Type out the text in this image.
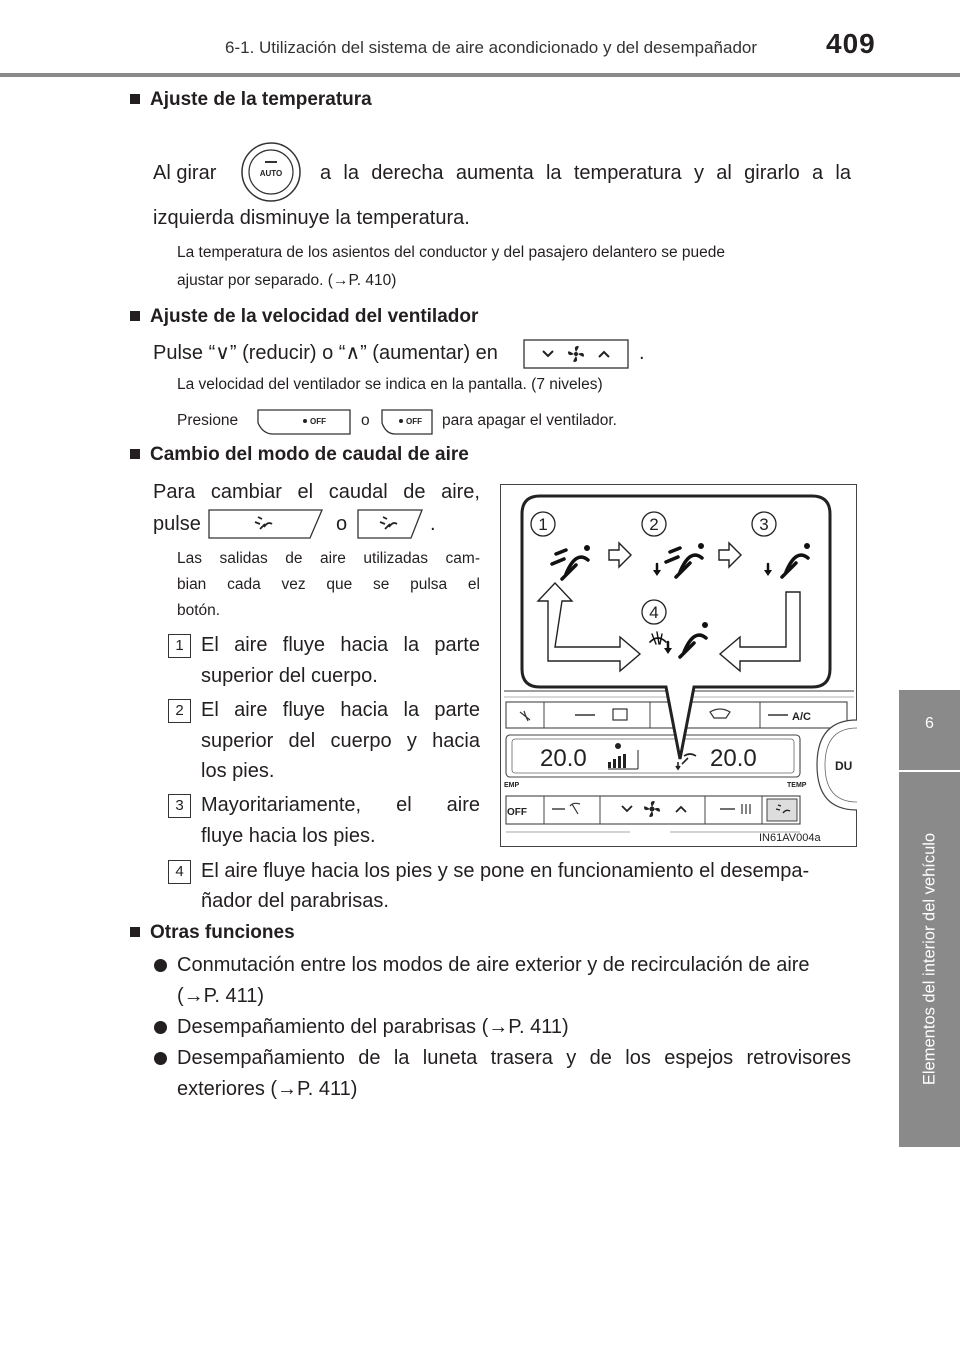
6-1. Utilización del sistema de aire acondicionado y del desempañador 409
6
Elementos del interior del vehículo
Ajuste de la temperatura
Al girar	AUTO a la derecha aumenta la temperatura y al girarlo a la
izquierda disminuye la temperatura.
La temperatura de los asientos del conductor y del pasajero delantero se puede
ajustar por separado. (→P. 410)
Ajuste de la velocidad del ventilador
Pulse “∨” (reducir) o “∧” (aumentar) en	.
La velocidad del ventilador se indica en la pantalla. (7 niveles)
Presione	OFF o	OFF para apagar el ventilador.
Cambio del modo de caudal de aire
Para cambiar el caudal de aire,
pulse	o	.
Las salidas de aire utilizadas cam-
bian cada vez que se pulsa el
botón.
1 El aire fluye hacia la parte
superior del cuerpo.
2 El aire fluye hacia la parte
superior del cuerpo y hacia
los pies.
3 Mayoritariamente, el aire
fluye hacia los pies.
4 El aire fluye hacia los pies y se pone en funcionamiento el desempa-
ñador del parabrisas.
A/C
20.0	20.0
EMP	TEMP
OFF
DU
IN61AV004a
1	2	3
4
Otras funciones
Conmutación entre los modos de aire exterior y de recirculación de aire
(→P. 411)
Desempañamiento del parabrisas (→P. 411)
Desempañamiento de la luneta trasera y de los espejos retrovisores
exteriores (→P. 411)
